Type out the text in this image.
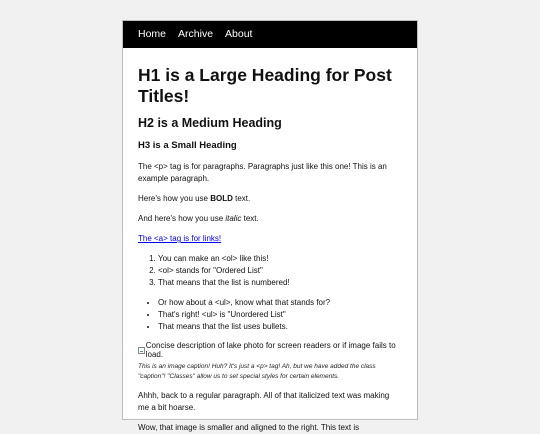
Home Archive About
H1 is a Large Heading for Post Titles!
H2 is a Medium Heading
H3 is a Small Heading

The <p> tag is for paragraphs. Paragraphs just like this one! This is an example paragraph.

Here's how you use BOLD text.

And here's how you use italic text.

The <a> tag is for links!

1. You can make an <ol> like this!
2. <ol> stands for "Ordered List"
3. That means that the list is numbered!
• Or how about a <ul>, know what that stands for?
• That's right! <ul> is "Unordered List"
• That means that the list uses bullets.
Concise description of lake photo for screen readers or if image fails to load.

This is an image caption! Huh? It's just a <p> tag! Ah, but we have added the class "caption"! "Classes" allow us to set special styles for certain elements.

Ahhh, back to a regular paragraph. All of that italicized text was making me a bit hoarse.

Wow, that image is smaller and aligned to the right. This text is
